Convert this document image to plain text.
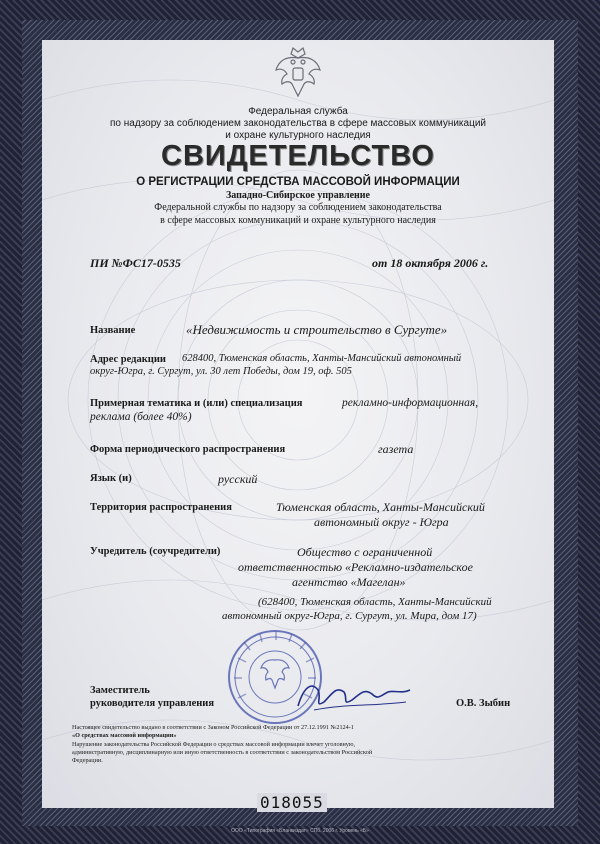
Федеральная служба
по надзору за соблюдением законодательства в сфере массовых коммуникаций
и охране культурного наследия
СВИДЕТЕЛЬСТВО
О РЕГИСТРАЦИИ СРЕДСТВА МАССОВОЙ ИНФОРМАЦИИ
Западно-Сибирское управление
Федеральной службы по надзору за соблюдением законодательства
в сфере массовых коммуникаций и охране культурного наследия
ПИ №ФС17-0535	от 18 октября 2006 г.
Название	«Недвижимость и строительство в Сургуте»
Адрес редакции 628400, Тюменская область, Ханты-Мансийский автономный
округ-Югра, г. Сургут, ул. 30 лет Победы, дом 19, оф. 505
Примерная тематика и (или) специализация	рекламно-информационная,
реклама (более 40%)
Форма периодического распространения	газета
Язык (и)	русский
Территория распространения	Тюменская область, Ханты-Мансийский
автономный округ - Югра
Учредитель (соучредители)	Общество с ограниченной
ответственностью «Рекламно-издательское
агентство «Магелан»
(628400, Тюменская область, Ханты-Мансийский
автономный округ-Югра, г. Сургут, ул. Мира, дом 17)
Заместитель
руководителя управления	О.В. Зыбин
Настоящее свидетельство выдано в соответствии с Законом Российской Федерации от 27.12.1991 №2124-1
«О средствах массовой информации»
Нарушение законодательства Российской Федерации о средствах массовой информации влечет уголовную,
административную, дисциплинарную или иную ответственность в соответствии с законодательством Российской
Федерации.
018055
ООО «Типография «Бланкиздат» СПб. 2006 г. Уровень «Б»
